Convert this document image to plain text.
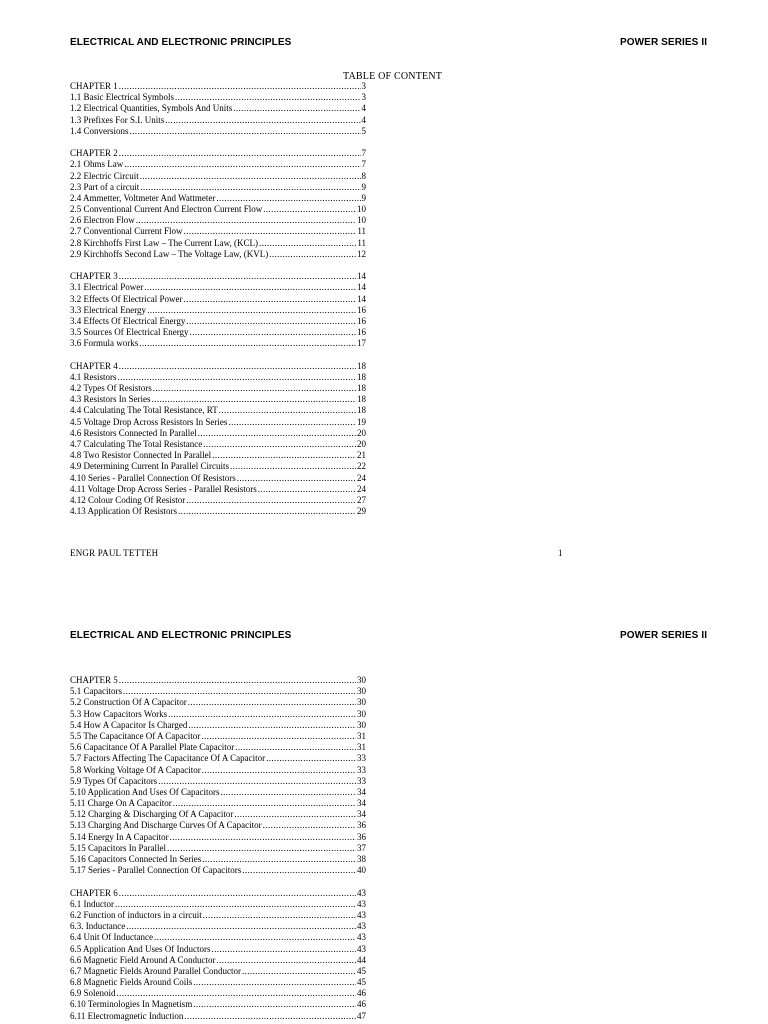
ELECTRICAL AND ELECTRONIC PRINCIPLES	POWER SERIES II
TABLE OF CONTENT
CHAPTER 1 .....	3
1.1 Basic Electrical Symbols .....	3
1.2 Electrical Quantities, Symbols And Units .....	4
1.3 Prefixes For S.I. Units .....	4
1.4 Conversions .....	5
CHAPTER 2 .....	7
2.1 Ohms Law .....	7
2.2 Electric Circuit .....	8
2.3 Part of a circuit .....	9
2.4 Ammetter, Voltmeter And Wattmeter .....	9
2.5 Conventional Current And Electron Current Flow .....	10
2.6 Electron Flow .....	10
2.7 Conventional Current Flow .....	11
2.8 Kirchhoffs First Law – The Current Law, (KCL) .....	11
2.9 Kirchhoffs Second Law – The Voltage Law, (KVL) .....	12
CHAPTER 3 .....	14
3.1 Electrical Power .....	14
3.2 Effects Of Electrical Power .....	14
3.3 Electrical Energy .....	16
3.4 Effects Of Electrical Energy .....	16
3.5 Sources Of Electrical Energy .....	16
3.6 Formula works .....	17
CHAPTER 4 .....	18
4.1 Resistors .....	18
4.2 Types Of Resistors .....	18
4.3 Resistors In Series .....	18
4.4 Calculating The Total Resistance, RT .....	18
4.5 Voltage Drop Across Resistors In Series .....	19
4.6 Resistors Connected In Parallel .....	20
4.7 Calculating The Total Resistance .....	20
4.8 Two Resistor Connected In Parallel .....	21
4.9 Determining Current In Parallel Circuits .....	22
4.10 Series - Parallel Connection Of Resistors .....	24
4.11 Voltage Drop Across Series - Parallel Resistors .....	24
4.12 Colour Coding Of Resistor .....	27
4.13 Application Of Resistors .....	29
ENGR PAUL TETTEH	1
ELECTRICAL AND ELECTRONIC PRINCIPLES	POWER SERIES II
CHAPTER 5 .....	30
5.1 Capacitors .....	30
5.2 Construction Of A Capacitor .....	30
5.3 How Capacitors Works .....	30
5.4 How A Capacitor Is Charged .....	30
5.5 The Capacitance Of A Capacitor .....	31
5.6 Capacitance Of A Parallel Plate Capacitor .....	31
5.7 Factors Affecting The Capacitance Of A Capacitor .....	33
5.8 Working Voltage Of A Capacitor .....	33
5.9 Types Of Capacitors .....	33
5.10 Application And Uses Of Capacitors .....	34
5.11 Charge On A Capacitor .....	34
5.12 Charging & Discharging Of A Capacitor .....	34
5.13 Charging And Discharge Curves Of A Capacitor .....	36
5.14 Energy In A Capacitor .....	36
5.15 Capacitors In Parallel .....	37
5.16 Capacitors Connected In Series .....	38
5.17 Series - Parallel Connection Of Capacitors .....	40
CHAPTER 6 .....	43
6.1 Inductor .....	43
6.2 Function of inductors in a circuit .....	43
6.3. Inductance .....	43
6.4 Unit Of Inductance .....	43
6.5 Application And Uses Of Inductors .....	43
6.6 Magnetic Field Around A Conductor .....	44
6.7 Magnetic Fields Around Parallel Conductor .....	45
6.8 Magnetic Fields Around Coils .....	45
6.9 Solenoid .....	46
6.10 Terminologies In Magnetism .....	46
6.11 Electromagnetic Induction .....	47
